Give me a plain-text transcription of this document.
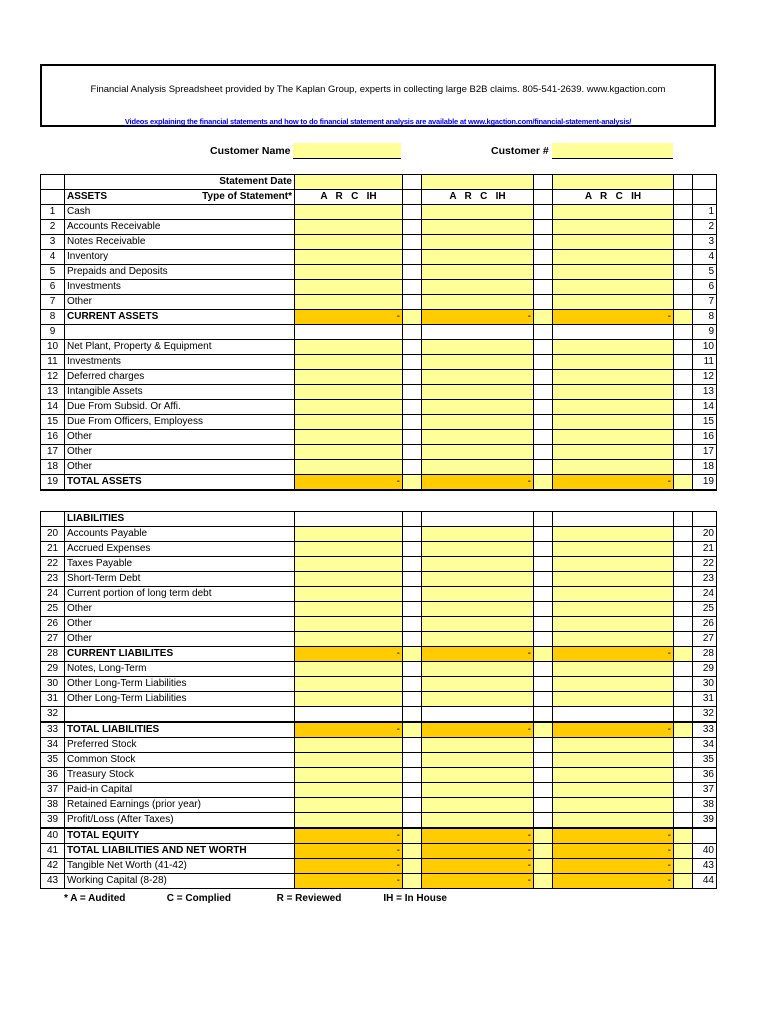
Financial Analysis Spreadsheet provided by The Kaplan Group, experts in collecting large B2B claims. 805-541-2639. www.kgaction.com
Videos explaining the financial statements and how to do financial statement analysis are available at www.kgaction.com/financial-statement-analysis/
Customer Name	Customer #
	Statement Date							
	ASSETS Type of Statement*	A   R   C   IH		A   R   C   IH		A   R   C   IH		
1	Cash							1
2	Accounts Receivable							2
3	Notes Receivable							3
4	Inventory							4
5	Prepaids and Deposits							5
6	Investments							6
7	Other							7
8	CURRENT ASSETS	-		-		-		8
9								9
10	Net Plant, Property & Equipment							10
11	Investments							11
12	Deferred charges							12
13	Intangible Assets							13
14	Due From Subsid. Or Affi.							14
15	Due From Officers, Employess							15
16	Other							16
17	Other							17
18	Other							18
19	TOTAL ASSETS	-		-		-		19
	LIABILITIES							
20	Accounts Payable							20
21	Accrued Expenses							21
22	Taxes Payable							22
23	Short-Term Debt							23
24	Current portion of long term debt							24
25	Other							25
26	Other							26
27	Other							27
28	CURRENT LIABILITES	-		-		-		28
29	Notes, Long-Term							29
30	Other Long-Term Liabilities							30
31	Other Long-Term Liabilities							31
32								32
33	TOTAL LIABILITIES	-		-		-		33
34	Preferred Stock							34
35	Common Stock							35
36	Treasury Stock							36
37	Paid-in Capital							37
38	Retained Earnings (prior year)							38
39	Profit/Loss (After Taxes)							39
40	TOTAL EQUITY	-		-		-		
41	TOTAL LIABILITIES AND NET WORTH	-		-		-		40
42	Tangible Net Worth (41-42)	-		-		-		43
43	Working Capital (8-28)	-		-		-		44
* A = Audited	C = Complied	R = Reviewed	IH = In House
